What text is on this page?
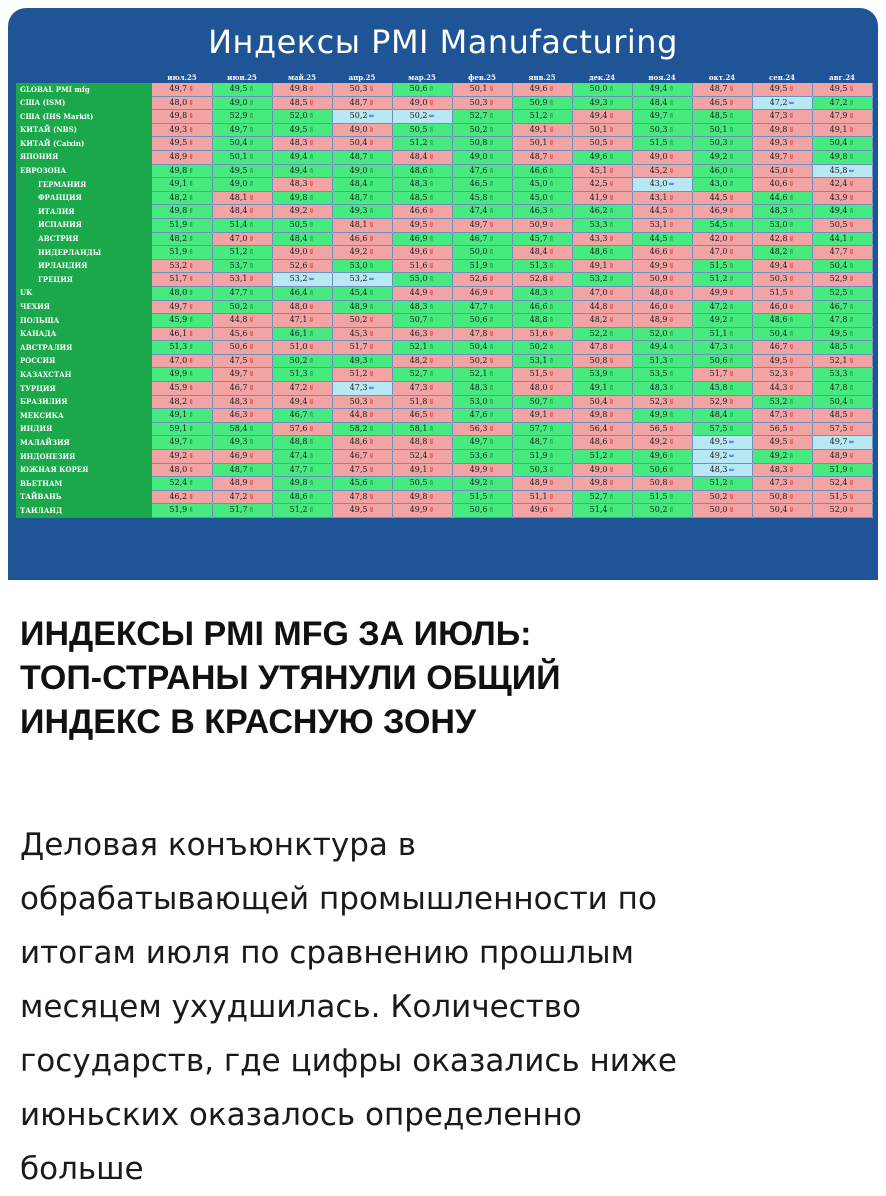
Индексы PMI Manufacturing
	июл.25	июн.25	май.25	апр.25	мар.25	фев.25	янв.25	дек.24	ноя.24	окт.24	сен.24	авг.24	
GLOBAL PMI mfg	49,7⇓	49,5⇑	49,8⇓	50,3⇓	50,6⇑	50,1⇓	49,6⇓	50,0⇑	49,4⇑	48,7⇓	49,5⇓	49,5⇓	
США (ISM)	48,0⇓	49,0⇑	48,5⇓	48,7⇓	49,0⇓	50,3⇓	50,9⇑	49,3⇑	48,4⇑	46,5⇓	47,2⇔	47,2⇑	
США (IHS Markit)	49,8⇓	52,9⇑	52,0⇑	50,2⇔	50,2⇔	52,7⇑	51,2⇑	49,4⇓	49,7⇑	48,5⇑	47,3⇓	47,9⇓	
КИТАЙ (NBS)	49,3⇓	49,7⇑	49,5⇑	49,0⇓	50,5⇑	50,2⇑	49,1⇓	50,1⇓	50,3⇑	50,1⇑	49,8⇓	49,1⇓	
КИТАЙ (Caixin)	49,5⇓	50,4⇑	48,3⇓	50,4⇓	51,2⇑	50,8⇑	50,1⇓	50,5⇓	51,5⇑	50,3⇑	49,3⇓	50,4⇑	
ЯПОНИЯ	48,9⇓	50,1⇑	49,4⇑	48,7⇑	48,4⇓	49,0⇑	48,7⇓	49,6⇑	49,0⇓	49,2⇑	49,7⇓	49,8⇑	
ЕВРОЗОНА	49,8⇑	49,5⇑	49,4⇑	49,0⇑	48,6⇑	47,6⇑	46,6⇑	45,1⇓	45,2⇓	46,0⇑	45,0⇓	45,8⇔	
ГЕРМАНИЯ	49,1⇑	49,0⇑	48,3⇓	48,4⇑	48,3⇑	46,5⇑	45,0⇑	42,5⇓	43,0⇔	43,0⇑	40,6⇓	42,4⇓	
ФРАНЦИЯ	48,2⇑	48,1⇓	49,8⇑	48,7⇑	48,5⇑	45,8⇑	45,0⇑	41,9⇓	43,1⇓	44,5⇓	44,6⇑	43,9⇓	
ИТАЛИЯ	49,8⇑	48,4⇓	49,2⇓	49,3⇑	46,6⇓	47,4⇑	46,3⇑	46,2⇑	44,5⇓	46,9⇓	48,3⇑	49,4⇑	
ИСПАНИЯ	51,9⇑	51,4⇑	50,5⇑	48,1⇓	49,5⇓	49,7⇓	50,9⇓	53,3⇑	53,1⇓	54,5⇑	53,0⇑	50,5⇓	
АВСТРИЯ	48,2⇑	47,0⇓	48,4⇑	46,6⇓	46,9⇑	46,7⇑	45,7⇑	43,3⇓	44,5⇑	42,0⇓	42,8⇓	44,1⇑	
НИДЕРЛАНДЫ	51,9⇑	51,2⇑	49,0⇓	49,2⇓	49,6⇓	50,0⇑	48,4⇓	48,6⇑	46,6⇓	47,0⇓	48,2⇑	47,7⇓	
ИРЛАНДИЯ	53,2⇓	53,7⇑	52,6⇓	53,0⇑	51,6⇓	51,9⇑	51,3⇑	49,1⇓	49,9⇓	51,5⇑	49,4⇓	50,4⇑	
ГРЕЦИЯ	51,7⇓	53,1⇓	53,2⇔	53,2⇔	55,0⇑	52,6⇓	52,8⇓	53,2⇑	50,9⇓	51,2⇑	50,3⇓	52,9⇓	
UK	48,0⇑	47,7⇑	46,4⇑	45,4⇑	44,9⇓	46,9⇓	48,3⇑	47,0⇓	48,0⇓	49,9⇓	51,5⇓	52,5⇑	
ЧЕХИЯ	49,7⇓	50,2⇑	48,0⇓	48,9⇑	48,3⇑	47,7⇑	46,6⇑	44,8⇓	46,0⇓	47,2⇑	46,0⇓	46,7⇑	
ПОЛЬША	45,9⇑	44,8⇓	47,1⇓	50,2⇓	50,7⇑	50,6⇑	48,8⇑	48,2⇓	48,9⇓	49,2⇑	48,6⇑	47,8⇑	
КАНАДА	46,1⇓	45,6⇓	46,1⇑	45,3⇓	46,3⇓	47,8⇓	51,6⇓	52,2⇑	52,0⇑	51,1⇑	50,4⇑	49,5⇑	
АВСТРАЛИЯ	51,3⇑	50,6⇓	51,0⇓	51,7⇓	52,1⇑	50,4⇑	50,2⇑	47,8⇓	49,4⇑	47,3⇑	46,7⇓	48,5⇑	
РОССИЯ	47,0⇓	47,5⇓	50,2⇑	49,3⇑	48,2⇓	50,2⇓	53,1⇑	50,8⇓	51,3⇑	50,6⇑	49,5⇓	52,1⇓	
КАЗАХСТАН	49,9⇑	49,7⇓	51,3⇑	51,2⇓	52,7⇑	52,1⇑	51,5⇓	53,9⇑	53,5⇑	51,7⇓	52,3⇓	53,3⇑	
ТУРЦИЯ	45,9⇓	46,7⇓	47,2⇓	47,3⇔	47,3⇓	48,3⇑	48,0⇓	49,1⇑	48,3⇑	45,8⇑	44,3⇓	47,8⇑	
БРАЗИЛИЯ	48,2⇓	48,3⇓	49,4⇓	50,3⇓	51,8⇓	53,0⇑	50,7⇑	50,4⇓	52,3⇓	52,9⇓	53,2⇑	50,4⇑	
МЕКСИКА	49,1⇑	46,3⇓	46,7⇑	44,8⇓	46,5⇓	47,6⇑	49,1⇓	49,8⇓	49,9⇑	48,4⇑	47,3⇓	48,5⇓	
ИНДИЯ	59,1⇑	58,4⇑	57,6⇓	58,2⇑	58,1⇑	56,3⇓	57,7⇑	56,4⇓	56,5⇓	57,5⇑	56,5⇓	57,5⇓	
МАЛАЙЗИЯ	49,7⇑	49,3⇑	48,8⇑	48,6⇓	48,8⇓	49,7⇑	48,7⇑	48,6⇓	49,2⇓	49,5⇔	49,5⇓	49,7⇔	
ИНДОНЕЗИЯ	49,2⇓	46,9⇓	47,4⇑	46,7⇓	52,4⇓	53,6⇑	51,9⇑	51,2⇑	49,6⇑	49,2⇔	49,2⇑	48,9⇓	
ЮЖНАЯ КОРЕЯ	48,0⇓	48,7⇑	47,7⇑	47,5⇓	49,1⇓	49,9⇓	50,3⇑	49,0⇓	50,6⇑	48,3⇔	48,3⇓	51,9⇑	
ВЬЕТНАМ	52,4⇑	48,9⇓	49,8⇑	45,6⇑	50,5⇑	49,2⇑	48,9⇓	49,8⇓	50,8⇓	51,2⇑	47,3⇓	52,4⇓	
ТАЙВАНЬ	46,2⇓	47,2⇓	48,6⇑	47,8⇓	49,8⇓	51,5⇑	51,1⇓	52,7⇑	51,5⇑	50,2⇓	50,8⇓	51,5⇓	
ТАИЛАНД	51,9⇑	51,7⇑	51,2⇑	49,5⇓	49,9⇓	50,6⇑	49,6⇓	51,4⇑	50,2⇑	50,0⇓	50,4⇓	52,0⇓	
ИНДЕКСЫ PMI MFG ЗА ИЮЛЬ:
ТОП-СТРАНЫ УТЯНУЛИ ОБЩИЙ
ИНДЕКС В КРАСНУЮ ЗОНУ

Деловая конъюнктура в
обрабатывающей промышленности по
итогам июля по сравнению прошлым
месяцем ухудшилась. Количество
государств, где цифры оказались ниже
июньских оказалось определенно
больше
